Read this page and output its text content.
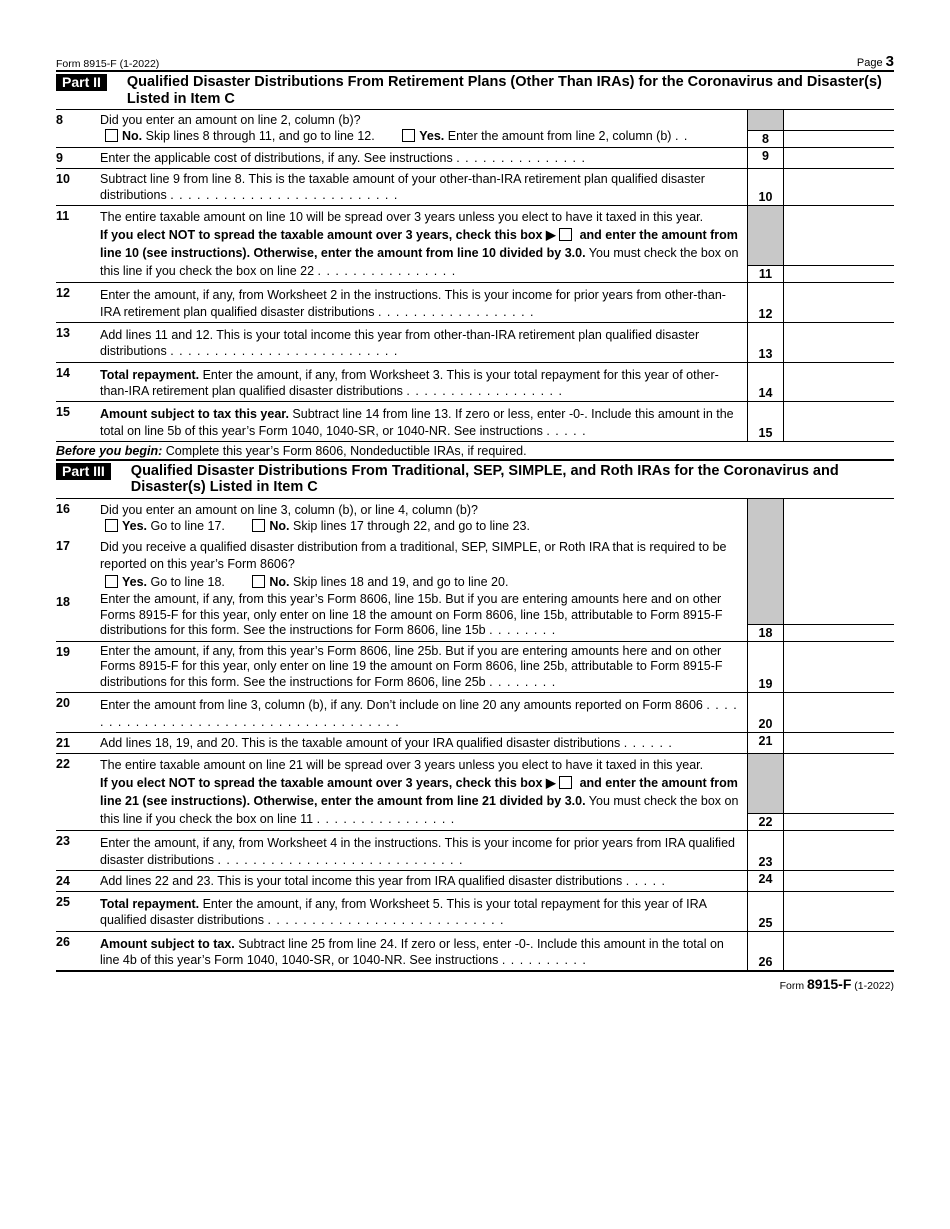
Form 8915-F (1-2022)	Page 3
Part II	Qualified Disaster Distributions From Retirement Plans (Other Than IRAs) for the Coronavirus and Disaster(s) Listed in Item C
8	Did you enter an amount on line 2, column (b)?
No. Skip lines 8 through 11, and go to line 12.	Yes. Enter the amount from line 2, column (b) . .	8
9	Enter the applicable cost of distributions, if any. See instructions . . . . . . . . . . . . . . .	9
10	Subtract line 9 from line 8. This is the taxable amount of your other-than-IRA retirement plan qualified disaster distributions . . . . . . . . . . . . . . . . . . . . . . . . . .	10
11	The entire taxable amount on line 10 will be spread over 3 years unless you elect to have it taxed in this year.
If you elect NOT to spread the taxable amount over 3 years, check this box ▶ and enter the amount from line 10 (see instructions). Otherwise, enter the amount from line 10 divided by 3.0. You must check the box on this line if you check the box on line 22 . . . . . . . . . . . . . . . .	11
12	Enter the amount, if any, from Worksheet 2 in the instructions. This is your income for prior years from other-than-IRA retirement plan qualified disaster distributions . . . . . . . . . . . . . . . . . .	12
13	Add lines 11 and 12. This is your total income this year from other-than-IRA retirement plan qualified disaster distributions . . . . . . . . . . . . . . . . . . . . . . . . . .	13
14	Total repayment. Enter the amount, if any, from Worksheet 3. This is your total repayment for this year of other-than-IRA retirement plan qualified disaster distributions . . . . . . . . . . . . . . . . . .	14
15	Amount subject to tax this year. Subtract line 14 from line 13. If zero or less, enter -0-. Include this amount in the total on line 5b of this year’s Form 1040, 1040-SR, or 1040-NR. See instructions . . . . .	15
Before you begin: Complete this year’s Form 8606, Nondeductible IRAs, if required.
Part III	Qualified Disaster Distributions From Traditional, SEP, SIMPLE, and Roth IRAs for the Coronavirus and Disaster(s) Listed in Item C
16	Did you enter an amount on line 3, column (b), or line 4, column (b)?
Yes. Go to line 17.	No. Skip lines 17 through 22, and go to line 23.
17	Did you receive a qualified disaster distribution from a traditional, SEP, SIMPLE, or Roth IRA that is required to be reported on this year’s Form 8606?
Yes. Go to line 18.	No. Skip lines 18 and 19, and go to line 20.
18	Enter the amount, if any, from this year’s Form 8606, line 15b. But if you are entering amounts here and on other Forms 8915-F for this year, only enter on line 18 the amount on Form 8606, line 15b, attributable to Form 8915-F distributions for this form. See the instructions for Form 8606, line 15b . . . . . . . .	18
19	Enter the amount, if any, from this year’s Form 8606, line 25b. But if you are entering amounts here and on other Forms 8915-F for this year, only enter on line 19 the amount on Form 8606, line 25b, attributable to Form 8915-F distributions for this form. See the instructions for Form 8606, line 25b . . . . . . . .	19
20	Enter the amount from line 3, column (b), if any. Don’t include on line 20 any amounts reported on Form 8606 . . . . . . . . . . . . . . . . . . . . . . . . . . . . . . . . . . . . . .	20
21	Add lines 18, 19, and 20. This is the taxable amount of your IRA qualified disaster distributions . . . . . .	21
22	The entire taxable amount on line 21 will be spread over 3 years unless you elect to have it taxed in this year.
If you elect NOT to spread the taxable amount over 3 years, check this box ▶ and enter the amount from line 21 (see instructions). Otherwise, enter the amount from line 21 divided by 3.0. You must check the box on this line if you check the box on line 11 . . . . . . . . . . . . . . . .	22
23	Enter the amount, if any, from Worksheet 4 in the instructions. This is your income for prior years from IRA qualified disaster distributions . . . . . . . . . . . . . . . . . . . . . . . . . . . .	23
24	Add lines 22 and 23. This is your total income this year from IRA qualified disaster distributions . . . . .	24
25	Total repayment. Enter the amount, if any, from Worksheet 5. This is your total repayment for this year of IRA qualified disaster distributions . . . . . . . . . . . . . . . . . . . . . . . . . . .	25
26	Amount subject to tax. Subtract line 25 from line 24. If zero or less, enter -0-. Include this amount in the total on line 4b of this year’s Form 1040, 1040-SR, or 1040-NR. See instructions . . . . . . . . . .	26
Form 8915-F (1-2022)
